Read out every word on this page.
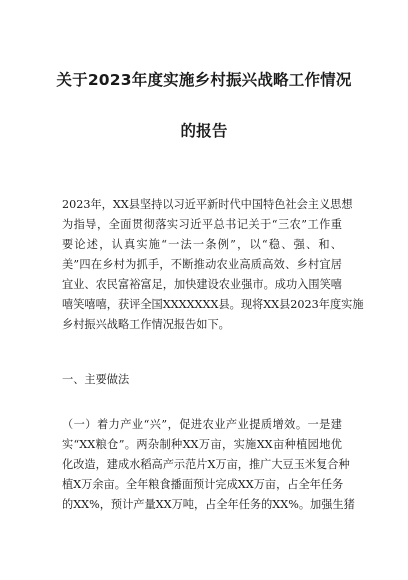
关于2023年度实施乡村振兴战略工作情况
的报告
2023年，XX县坚持以习近平新时代中国特色社会主义思想
为指导，全面贯彻落实习近平总书记关于“三农”工作重
要论述，认真实施“一法一条例”，以“稳、强、和、
美”四在乡村为抓手，不断推动农业高质高效、乡村宜居
宜业、农民富裕富足，加快建设农业强市。成功入围笑嘻
嘻笑嘻嘻，获评全国XXXXXXX县。现将XX县2023年度实施
乡村振兴战略工作情况报告如下。
一、主要做法
（一）着力产业“兴”，促进农业产业提质增效。一是建
实“XX粮仓”。两杂制种XX万亩，实施XX亩种植园地优
化改造，建成水稻高产示范片X万亩，推广大豆玉米复合种
植X万余亩。全年粮食播面预计完成XX万亩，占全年任务
的XX%，预计产量XX万吨，占全年任务的XX%。加强生猪
